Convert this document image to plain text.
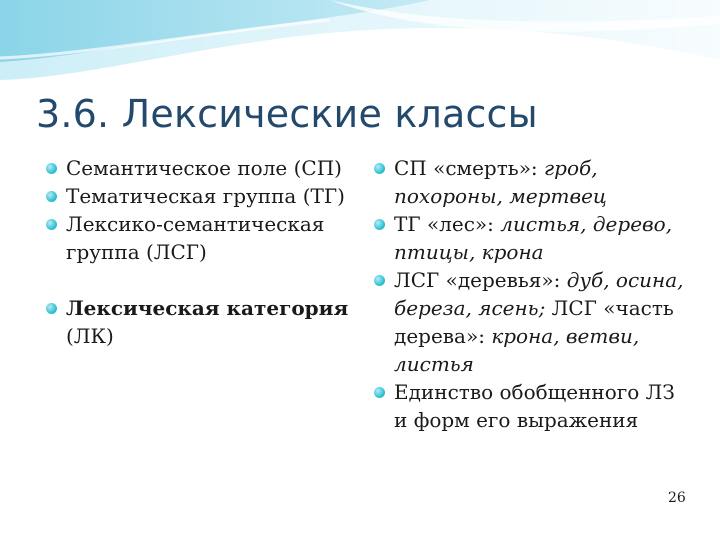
3.6. Лексические классы
Семантическое поле (СП)
Тематическая группа (ТГ)
Лексико-семантическая группа (ЛСГ)
Лексическая категория (ЛК)
СП «смерть»: гроб, похороны, мертвец
ТГ «лес»: листья, дерево, птицы, крона
ЛСГ «деревья»: дуб, осина, береза, ясень; ЛСГ «часть дерева»: крона, ветви, листья
Единство обобщенного ЛЗ и форм его выражения
26
